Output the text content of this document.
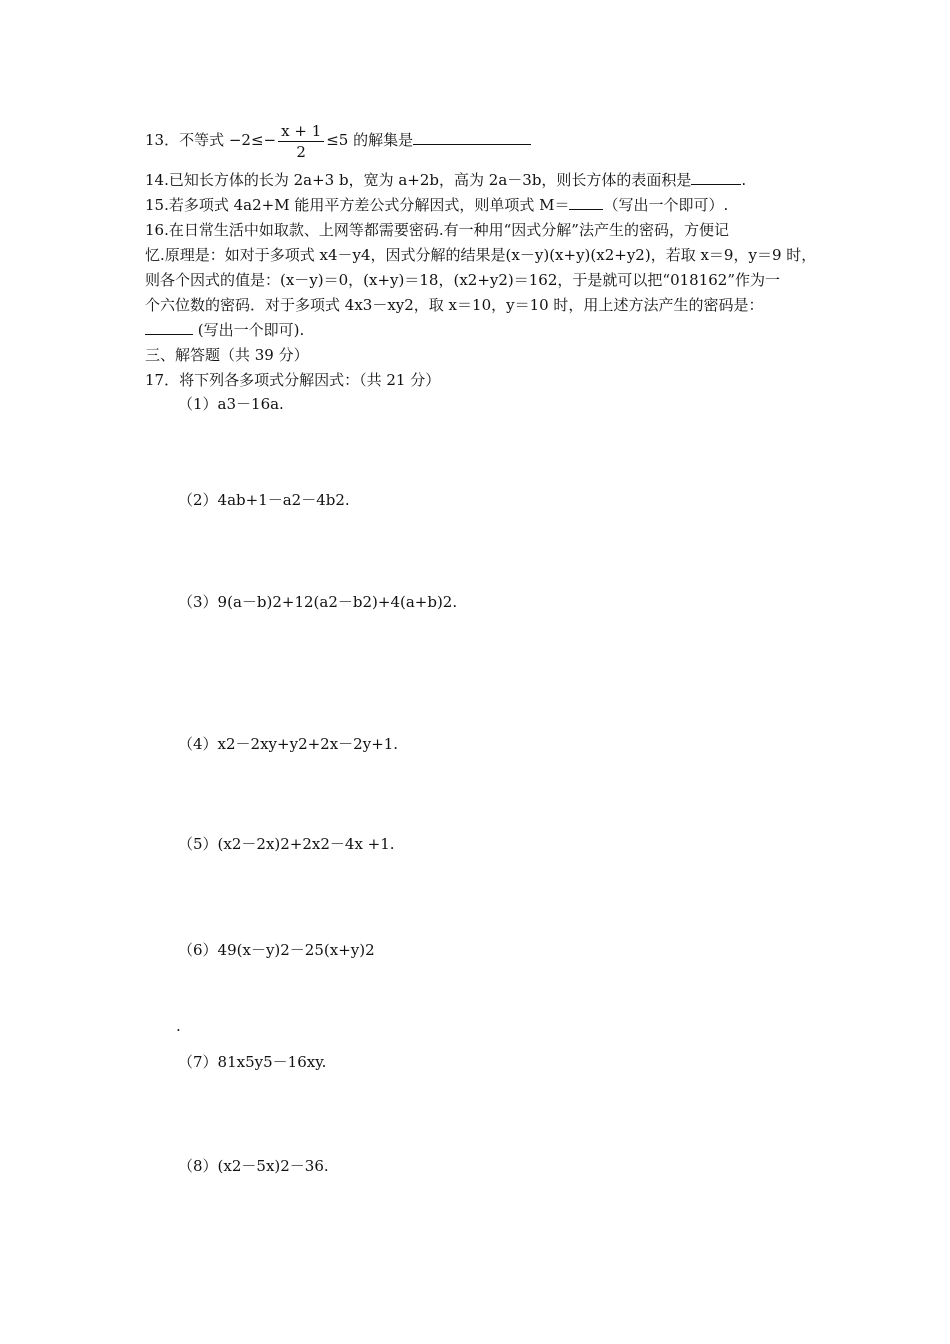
13．不等式 $-2\le- \frac{x + 1}{2} \le 5$ 的解集是
14.已知长方体的长为 2a+3 b，宽为 a+2b，高为 2a－3b，则长方体的表面积是	.
15.若多项式 4a2+M 能用平方差公式分解因式，则单项式 M＝ （写出一个即可）.
16.在日常生活中如取款、上网等都需要密码.有一种用“因式分解”法产生的密码，方便记
忆.原理是：如对于多项式 x4－y4，因式分解的结果是(x－y)(x+y)(x2+y2)，若取 x＝9，y＝9 时，
则各个因式的值是：(x－y)＝0，(x+y)＝18，(x2+y2)＝162，于是就可以把“018162”作为一
个六位数的密码．对于多项式 4x3－xy2，取 x＝10，y＝10 时，用上述方法产生的密码是：
(写出一个即可).
三、解答题（共 39 分）
17．将下列各多项式分解因式：（共 21 分）
（1）a3－16a.
（2）4ab+1－a2－4b2.
（3）9(a－b)2+12(a2－b2)+4(a+b)2.
（4）x2－2xy+y2+2x－2y+1.
（5）(x2－2x)2+2x2－4x +1.
（6）49(x－y)2－25(x+y)2
.
（7）81x5y5－16xy.
（8）(x2－5x)2－36.
